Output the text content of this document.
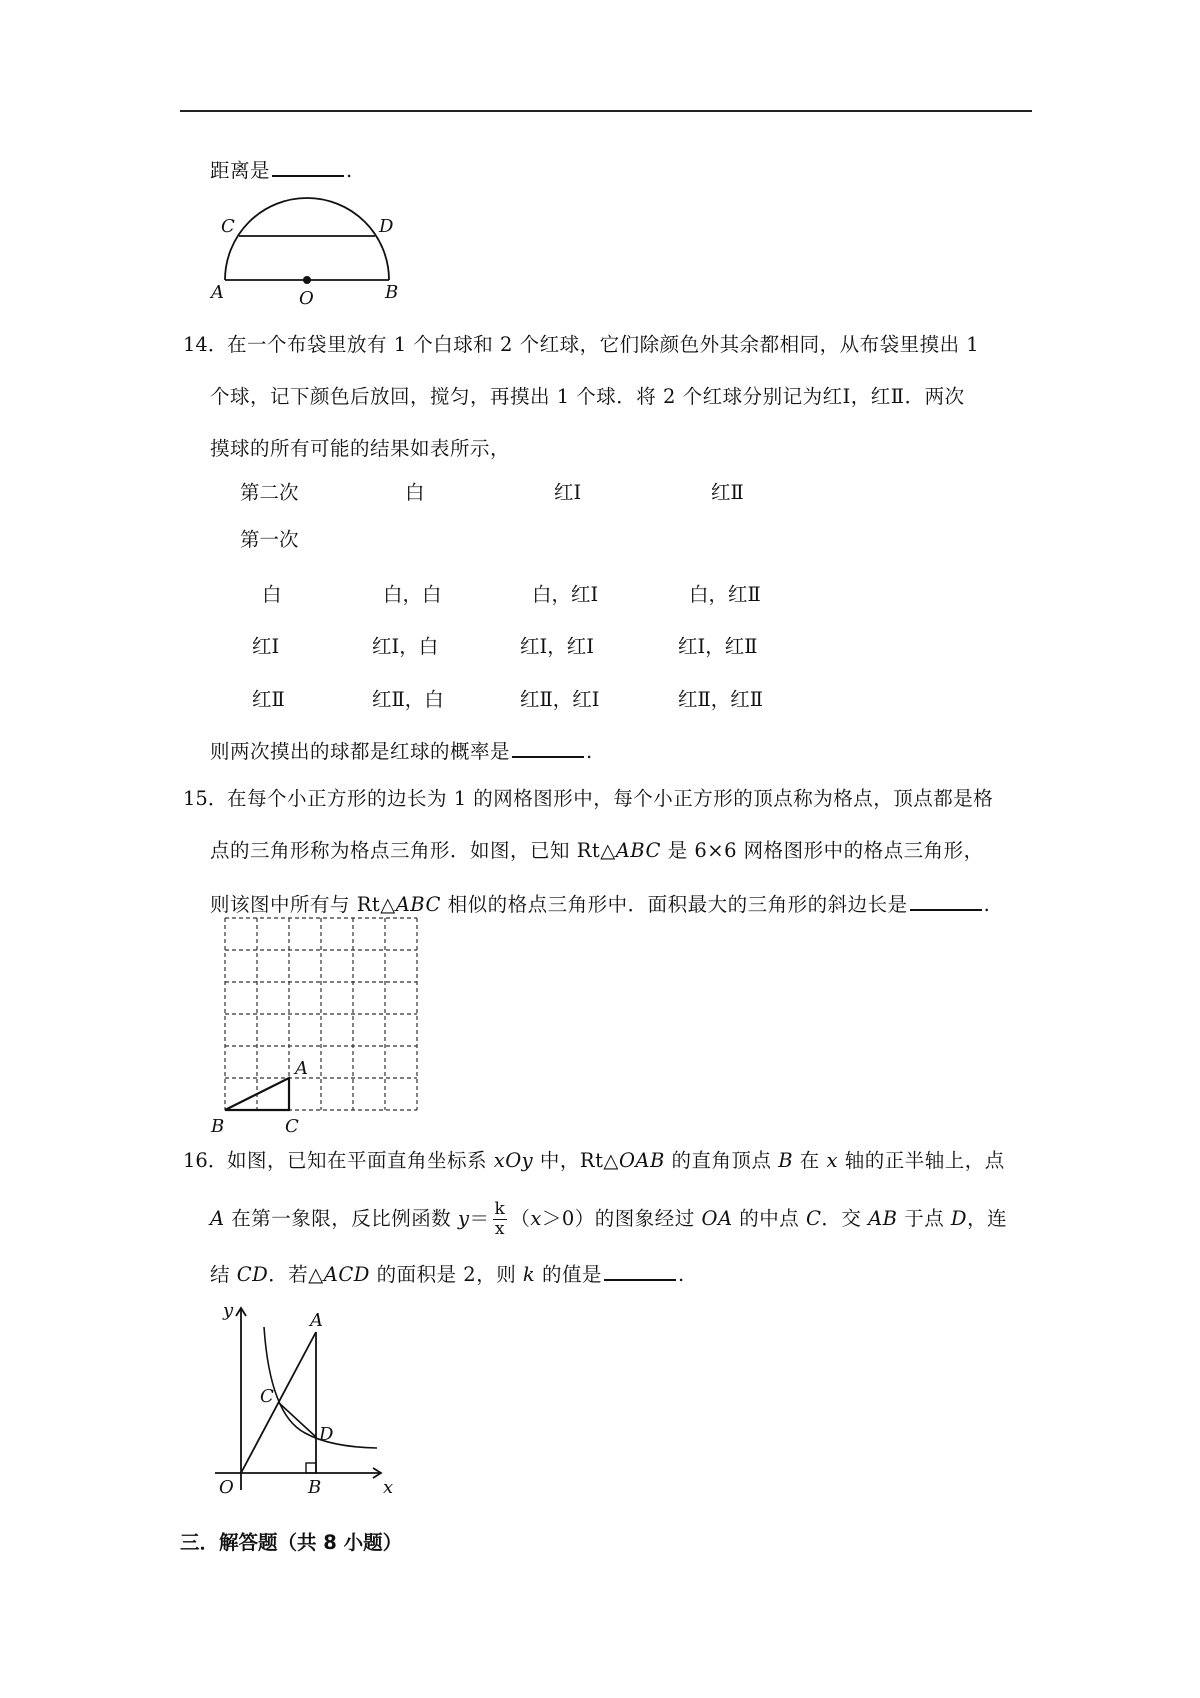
距离是	.
C	D
A	O	B
14． 在一个布袋里放有 1 个白球和 2 个红球，它们除颜色外其余都相同，从布袋里摸出 1
个球，记下颜色后放回，搅匀，再摸出 1 个球．将 2 个红球分别记为红Ⅰ，红Ⅱ．两次
摸球的所有可能的结果如表所示，
第二次	白	红Ⅰ	红Ⅱ
第一次
白	白，白	白，红Ⅰ	白，红Ⅱ
红Ⅰ	红Ⅰ，白	红Ⅰ，红Ⅰ	红Ⅰ，红Ⅱ
红Ⅱ	红Ⅱ，白	红Ⅱ，红Ⅰ	红Ⅱ，红Ⅱ
则两次摸出的球都是红球的概率是	.
15． 在每个小正方形的边长为 1 的网格图形中，每个小正方形的顶点称为格点，顶点都是格
点的三角形称为格点三角形．如图，已知 Rt△ABC 是 6×6 网格图形中的格点三角形，
则该图中所有与 Rt△ABC 相似的格点三角形中．面积最大的三角形的斜边长是	.
A
B	C
16． 如图，已知在平面直角坐标系 xOy 中，Rt△OAB 的直角顶点 B 在 x 轴的正半轴上，点
A 在第一象限，反比例函数 $y= \frac{k}{x} (x>0)$的图象经过 OA 的中点 C．交 AB 于点 D，连
结 CD．若△ACD 的面积是 2，则 k 的值是	.
y	A
C
D
O	B	x
三．解答题（共 8 小题）
